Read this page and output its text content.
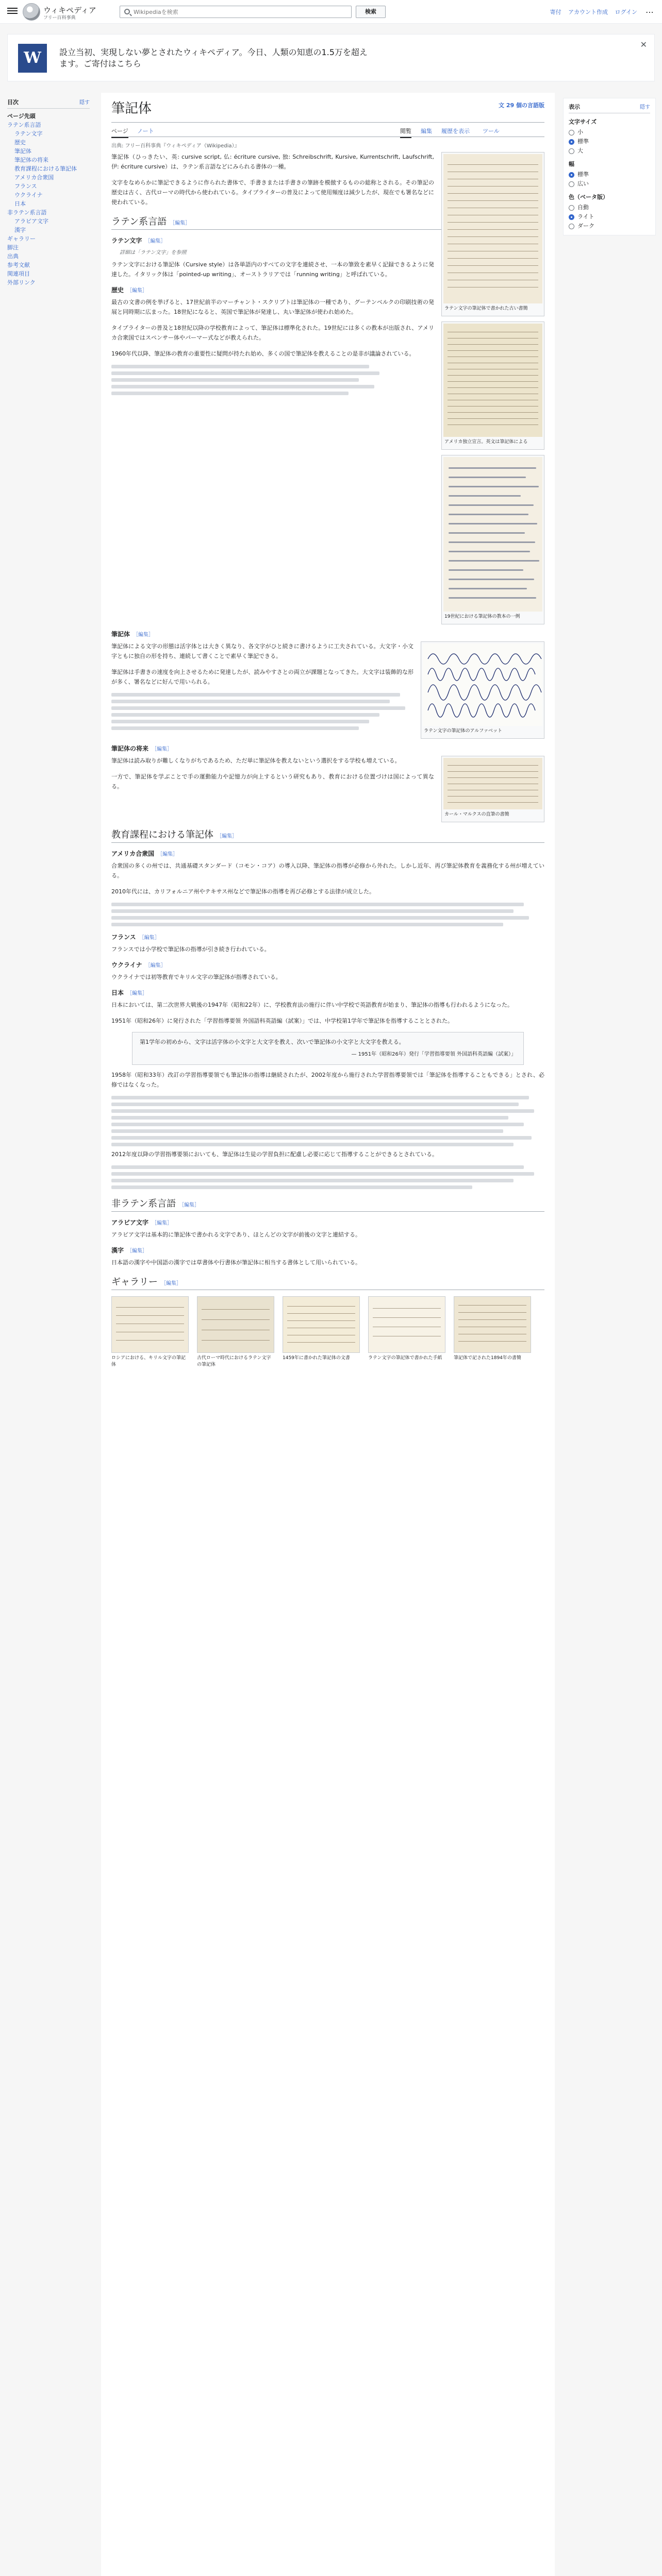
ウィキペディア
フリー百科事典
Wikipediaを検索
検索	寄付 アカウント作成 ログイン ⋯
W	設立当初、実現しない夢とされたウィキペディア。今日、人類の知恵の1.5万を超えます。ご寄付はこちら
✕
目次	隠す
ページ先頭
ラテン系言語
ラテン文字
歴史
筆記体
筆記体の将来
教育課程における筆記体
アメリカ合衆国
フランス
ウクライナ
日本
非ラテン系言語
アラビア文字
漢字
ギャラリー
脚注
出典
参考文献
関連項目
外部リンク
筆記体	文 29 個の言語版
ページ ノート	閲覧 編集 履歴を表示 ツール
出典: フリー百科事典『ウィキペディア（Wikipedia）』
ラテン文字の筆記体で書かれた古い書簡

筆記体（ひっきたい、英: cursive script, 仏: écriture cursive, 独: Schreibschrift, Kursive, Kurrentschrift, Laufschrift, 伊: écriture cursive）は、ラテン系言語などにみられる書体の一種。

文字をなめらかに筆記できるように作られた書体で、手書きまたは手書きの筆跡を模倣するものの総称とされる。その筆記の歴史は古く、古代ローマの時代から使われている。タイプライターの普及によって使用頻度は減少したが、現在でも署名などに使われている。

ラテン系言語 ［編集］
ラテン文字 ［編集］
詳細は「ラテン文字」を参照

ラテン文字における筆記体（Cursive style）は各単語内のすべての文字を連続させ、一本の筆致を素早く記録できるように発達した。イタリック体は「pointed-up writing」、オーストラリアでは「running writing」と呼ばれている。

歴史 ［編集］
アメリカ独立宣言。英文は筆記体による

最古の文書の例を挙げると、17世紀前半のマーチャント・スクリプトは筆記体の一種であり、グーテンベルクの印刷技術の発展と同時期に広まった。18世紀になると、英国で筆記体が発達し、丸い筆記体が使われ始めた。

タイプライターの普及と18世紀以降の学校教育によって、筆記体は標準化された。19世紀には多くの教本が出版され、アメリカ合衆国ではスペンサー体やパーマー式などが教えられた。

19世紀における筆記体の教本の一例

1960年代以降、筆記体の教育の重要性に疑問が持たれ始め、多くの国で筆記体を教えることの是非が議論されている。

筆記体 ［編集］
ラテン文字の筆記体のアルファベット

筆記体による文字の形態は活字体とは大きく異なり、各文字がひと続きに書けるように工夫されている。大文字・小文字ともに独自の形を持ち、連続して書くことで素早く筆記できる。

筆記体は手書きの速度を向上させるために発達したが、読みやすさとの両立が課題となってきた。大文字は装飾的な形が多く、署名などに好んで用いられる。

筆記体の将来 ［編集］
カール・マルクスの直筆の書簡

筆記体は読み取りが難しくなりがちであるため、ただ単に筆記体を教えないという選択をする学校も増えている。

一方で、筆記体を学ぶことで手の運動能力や記憶力が向上するという研究もあり、教育における位置づけは国によって異なる。

教育課程における筆記体 ［編集］
アメリカ合衆国 ［編集］

合衆国の多くの州では、共通基礎スタンダード（コモン・コア）の導入以降、筆記体の指導が必修から外れた。しかし近年、再び筆記体教育を義務化する州が増えている。

2010年代には、カリフォルニア州やテキサス州などで筆記体の指導を再び必修とする法律が成立した。

フランス ［編集］

フランスでは小学校で筆記体の指導が引き続き行われている。

ウクライナ ［編集］

ウクライナでは初等教育でキリル文字の筆記体が指導されている。

日本 ［編集］

日本においては、第二次世界大戦後の1947年（昭和22年）に、学校教育法の施行に伴い中学校で英語教育が始まり、筆記体の指導も行われるようになった。

1951年（昭和26年）に発行された「学習指導要領 外国語科英語編（試案）」では、中学校第1学年で筆記体を指導することとされた。

第1学年の初めから、文字は活字体の小文字と大文字を教え、次いで筆記体の小文字と大文字を教える。
— 1951年（昭和26年）発行「学習指導要領 外国語科英語編（試案）」

1958年（昭和33年）改訂の学習指導要領でも筆記体の指導は継続されたが、2002年度から施行された学習指導要領では「筆記体を指導することもできる」とされ、必修ではなくなった。

2012年度以降の学習指導要領においても、筆記体は生徒の学習負担に配慮し必要に応じて指導することができるとされている。

非ラテン系言語 ［編集］
アラビア文字 ［編集］

アラビア文字は基本的に筆記体で書かれる文字であり、ほとんどの文字が前後の文字と連結する。

漢字 ［編集］

日本語の漢字や中国語の漢字では草書体や行書体が筆記体に相当する書体として用いられている。

ギャラリー ［編集］
ロシアにおける、キリル文字の筆記体
古代ローマ時代におけるラテン文字の筆記体
1459年に書かれた筆記体の文書	ラテン文字の筆記体で書かれた手紙	筆記体で記された1894年の書簡
表示	隠す
文字サイズ
小
標準
大
幅
標準
広い
色（ベータ版）
自動
ライト
ダーク
